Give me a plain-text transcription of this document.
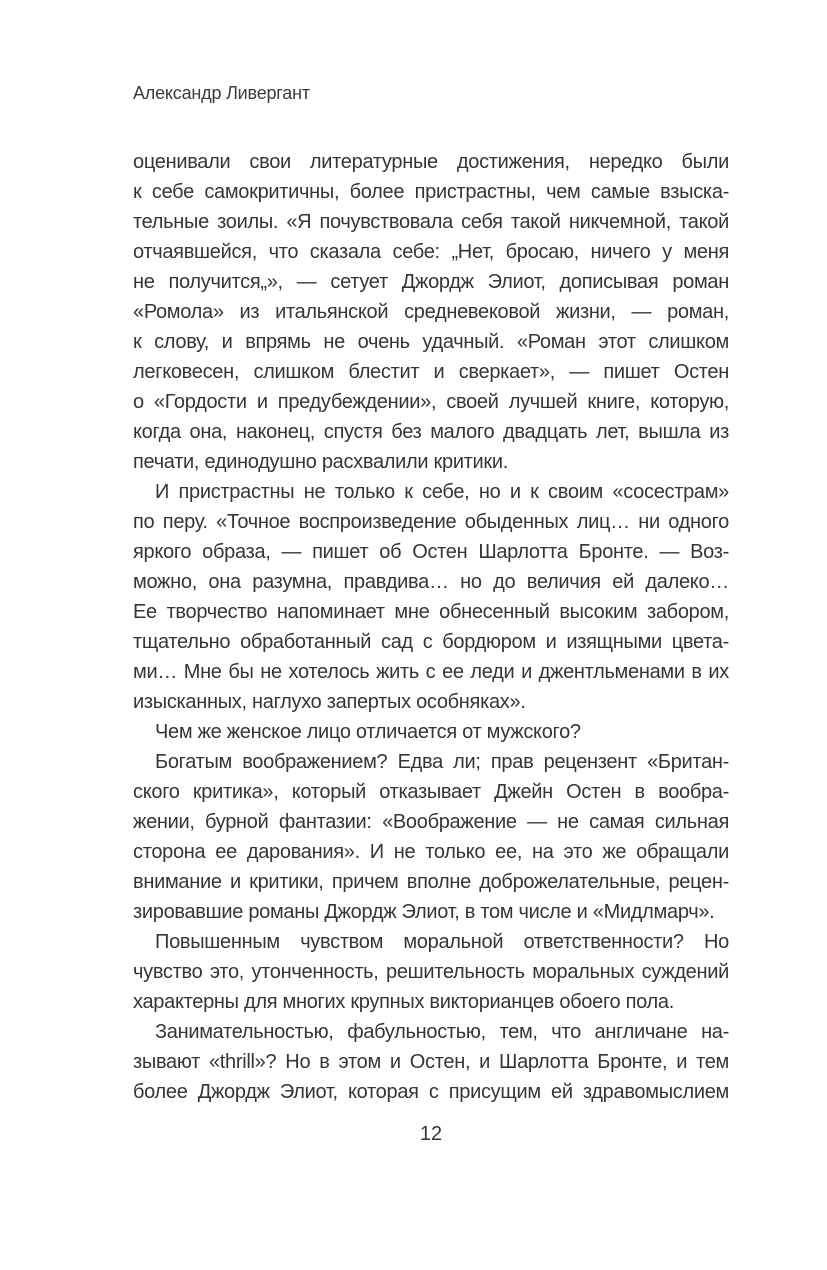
Александр Ливергант
оценивали свои литературные достижения, нередко были
к себе самокритичны, более пристрастны, чем самые взыска-
тельные зоилы. «Я почувствовала себя такой никчемной, такой
отчаявшейся, что сказала себе: „Нет, бросаю, ничего у меня
не получится„», — сетует Джордж Элиот, дописывая роман
«Ромола» из итальянской средневековой жизни, — роман,
к слову, и впрямь не очень удачный. «Роман этот слишком
легковесен, слишком блестит и сверкает», — пишет Остен
о «Гордости и предубеждении», своей лучшей книге, которую,
когда она, наконец, спустя без малого двадцать лет, вышла из
печати, единодушно расхвалили критики.
И пристрастны не только к себе, но и к своим «сосестрам»
по перу. «Точное воспроизведение обыденных лиц… ни одного
яркого образа, — пишет об Остен Шарлотта Бронте. — Воз-
можно, она разумна, правдива… но до величия ей далеко…
Ее творчество напоминает мне обнесенный высоким забором,
тщательно обработанный сад с бордюром и изящными цвета-
ми… Мне бы не хотелось жить с ее леди и джентльменами в их
изысканных, наглухо запертых особняках».
Чем же женское лицо отличается от мужского?
Богатым воображением? Едва ли; прав рецензент «Британ-
ского критика», который отказывает Джейн Остен в вообра-
жении, бурной фантазии: «Воображение — не самая сильная
сторона ее дарования». И не только ее, на это же обращали
внимание и критики, причем вполне доброжелательные, рецен-
зировавшие романы Джордж Элиот, в том числе и «Мидлмарч».
Повышенным чувством моральной ответственности? Но
чувство это, утонченность, решительность моральных суждений
характерны для многих крупных викторианцев обоего пола.
Занимательностью, фабульностью, тем, что англичане на-
зывают «thrill»? Но в этом и Остен, и Шарлотта Бронте, и тем
более Джордж Элиот, которая с присущим ей здравомыслием
12
